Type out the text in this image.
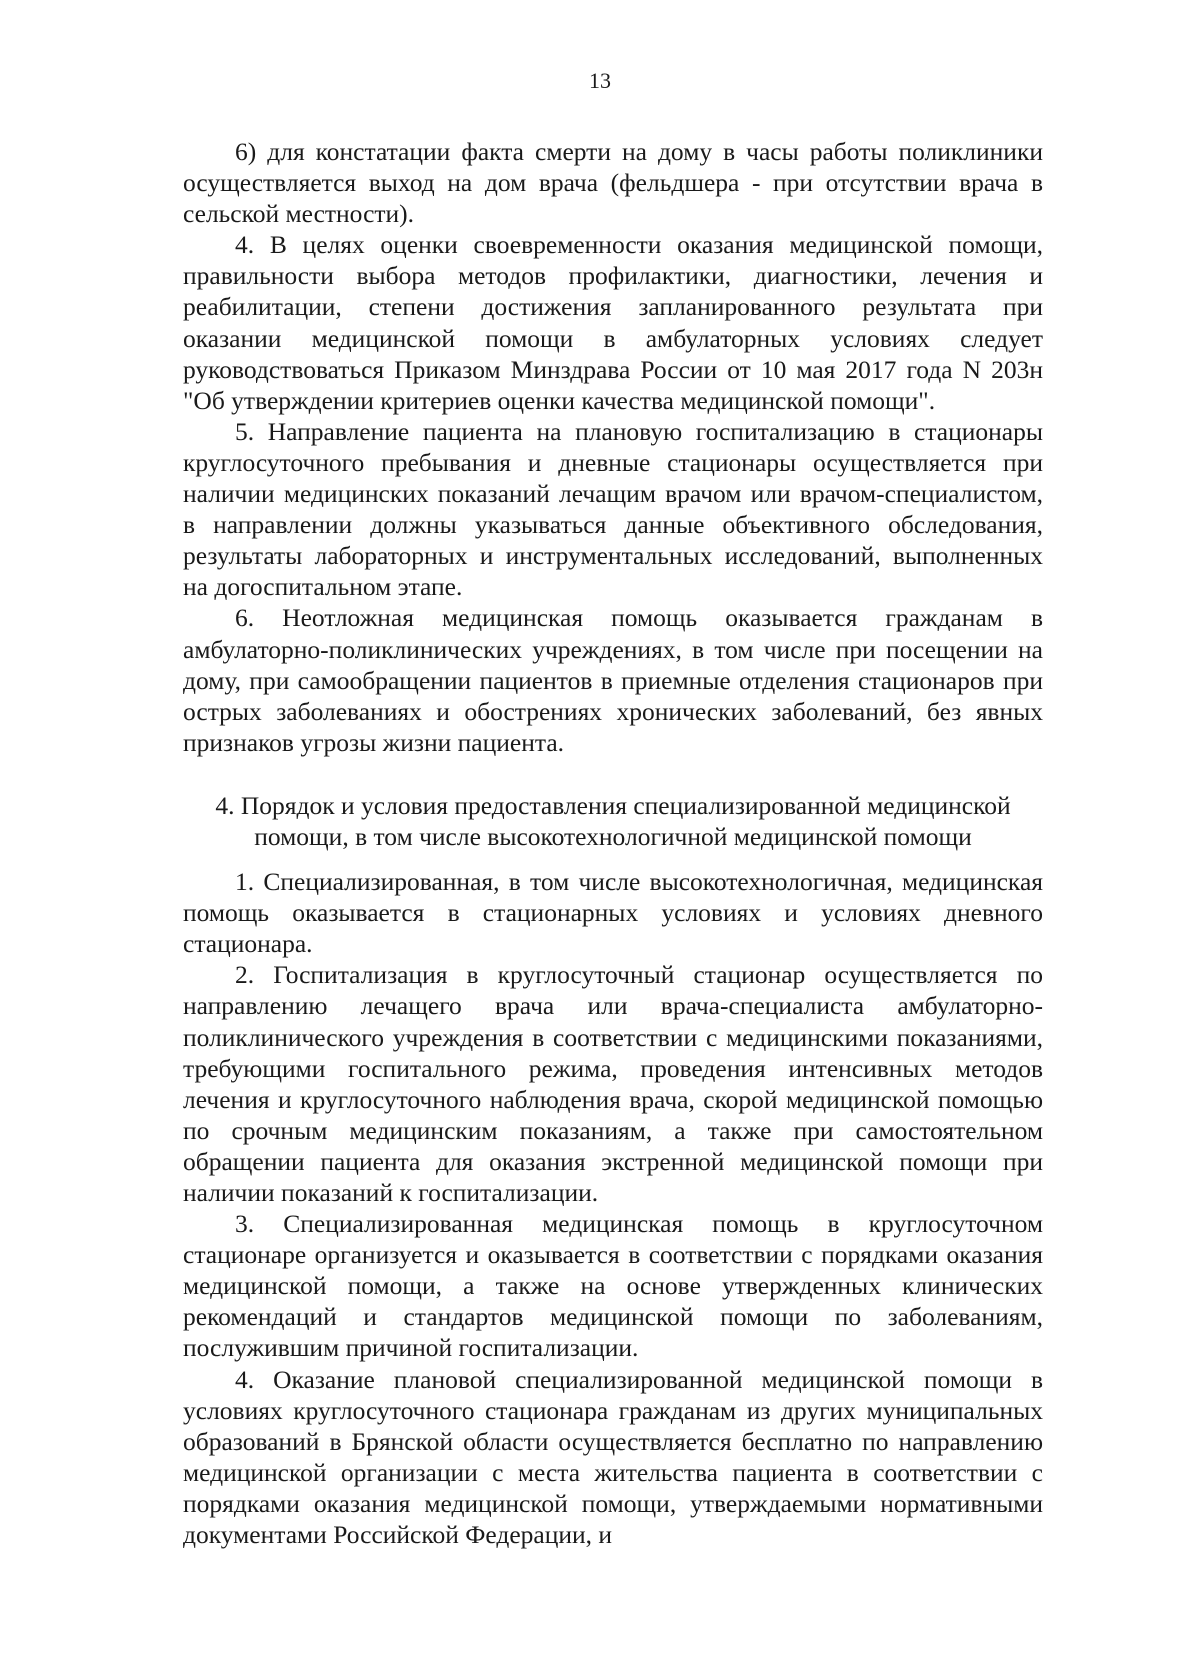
13

6) для констатации факта смерти на дому в часы работы поликлиники осуществляется выход на дом врача (фельдшера - при отсутствии врача в сельской местности).

4. В целях оценки своевременности оказания медицинской помощи, правильности выбора методов профилактики, диагностики, лечения и реабилитации, степени достижения запланированного результата при оказании медицинской помощи в амбулаторных условиях следует руководствоваться Приказом Минздрава России от 10 мая 2017 года N 203н "Об утверждении критериев оценки качества медицинской помощи".

5. Направление пациента на плановую госпитализацию в стационары круглосуточного пребывания и дневные стационары осуществляется при наличии медицинских показаний лечащим врачом или врачом-специалистом, в направлении должны указываться данные объективного обследования, результаты лабораторных и инструментальных исследований, выполненных на догоспитальном этапе.

6. Неотложная медицинская помощь оказывается гражданам в амбулаторно-поликлинических учреждениях, в том числе при посещении на дому, при самообращении пациентов в приемные отделения стационаров при острых заболеваниях и обострениях хронических заболеваний, без явных признаков угрозы жизни пациента.

4. Порядок и условия предоставления специализированной медицинской
помощи, в том числе высокотехнологичной медицинской помощи

1. Специализированная, в том числе высокотехнологичная, медицинская помощь оказывается в стационарных условиях и условиях дневного стационара.

2. Госпитализация в круглосуточный стационар осуществляется по направлению лечащего врача или врача-специалиста амбулаторно-поликлинического учреждения в соответствии с медицинскими показаниями, требующими госпитального режима, проведения интенсивных методов лечения и круглосуточного наблюдения врача, скорой медицинской помощью по срочным медицинским показаниям, а также при самостоятельном обращении пациента для оказания экстренной медицинской помощи при наличии показаний к госпитализации.

3. Специализированная медицинская помощь в круглосуточном стационаре организуется и оказывается в соответствии с порядками оказания медицинской помощи, а также на основе утвержденных клинических рекомендаций и стандартов медицинской помощи по заболеваниям, послужившим причиной госпитализации.

4. Оказание плановой специализированной медицинской помощи в условиях круглосуточного стационара гражданам из других муниципальных образований в Брянской области осуществляется бесплатно по направлению медицинской организации с места жительства пациента в соответствии с порядками оказания медицинской помощи, утверждаемыми нормативными документами Российской Федерации, и
